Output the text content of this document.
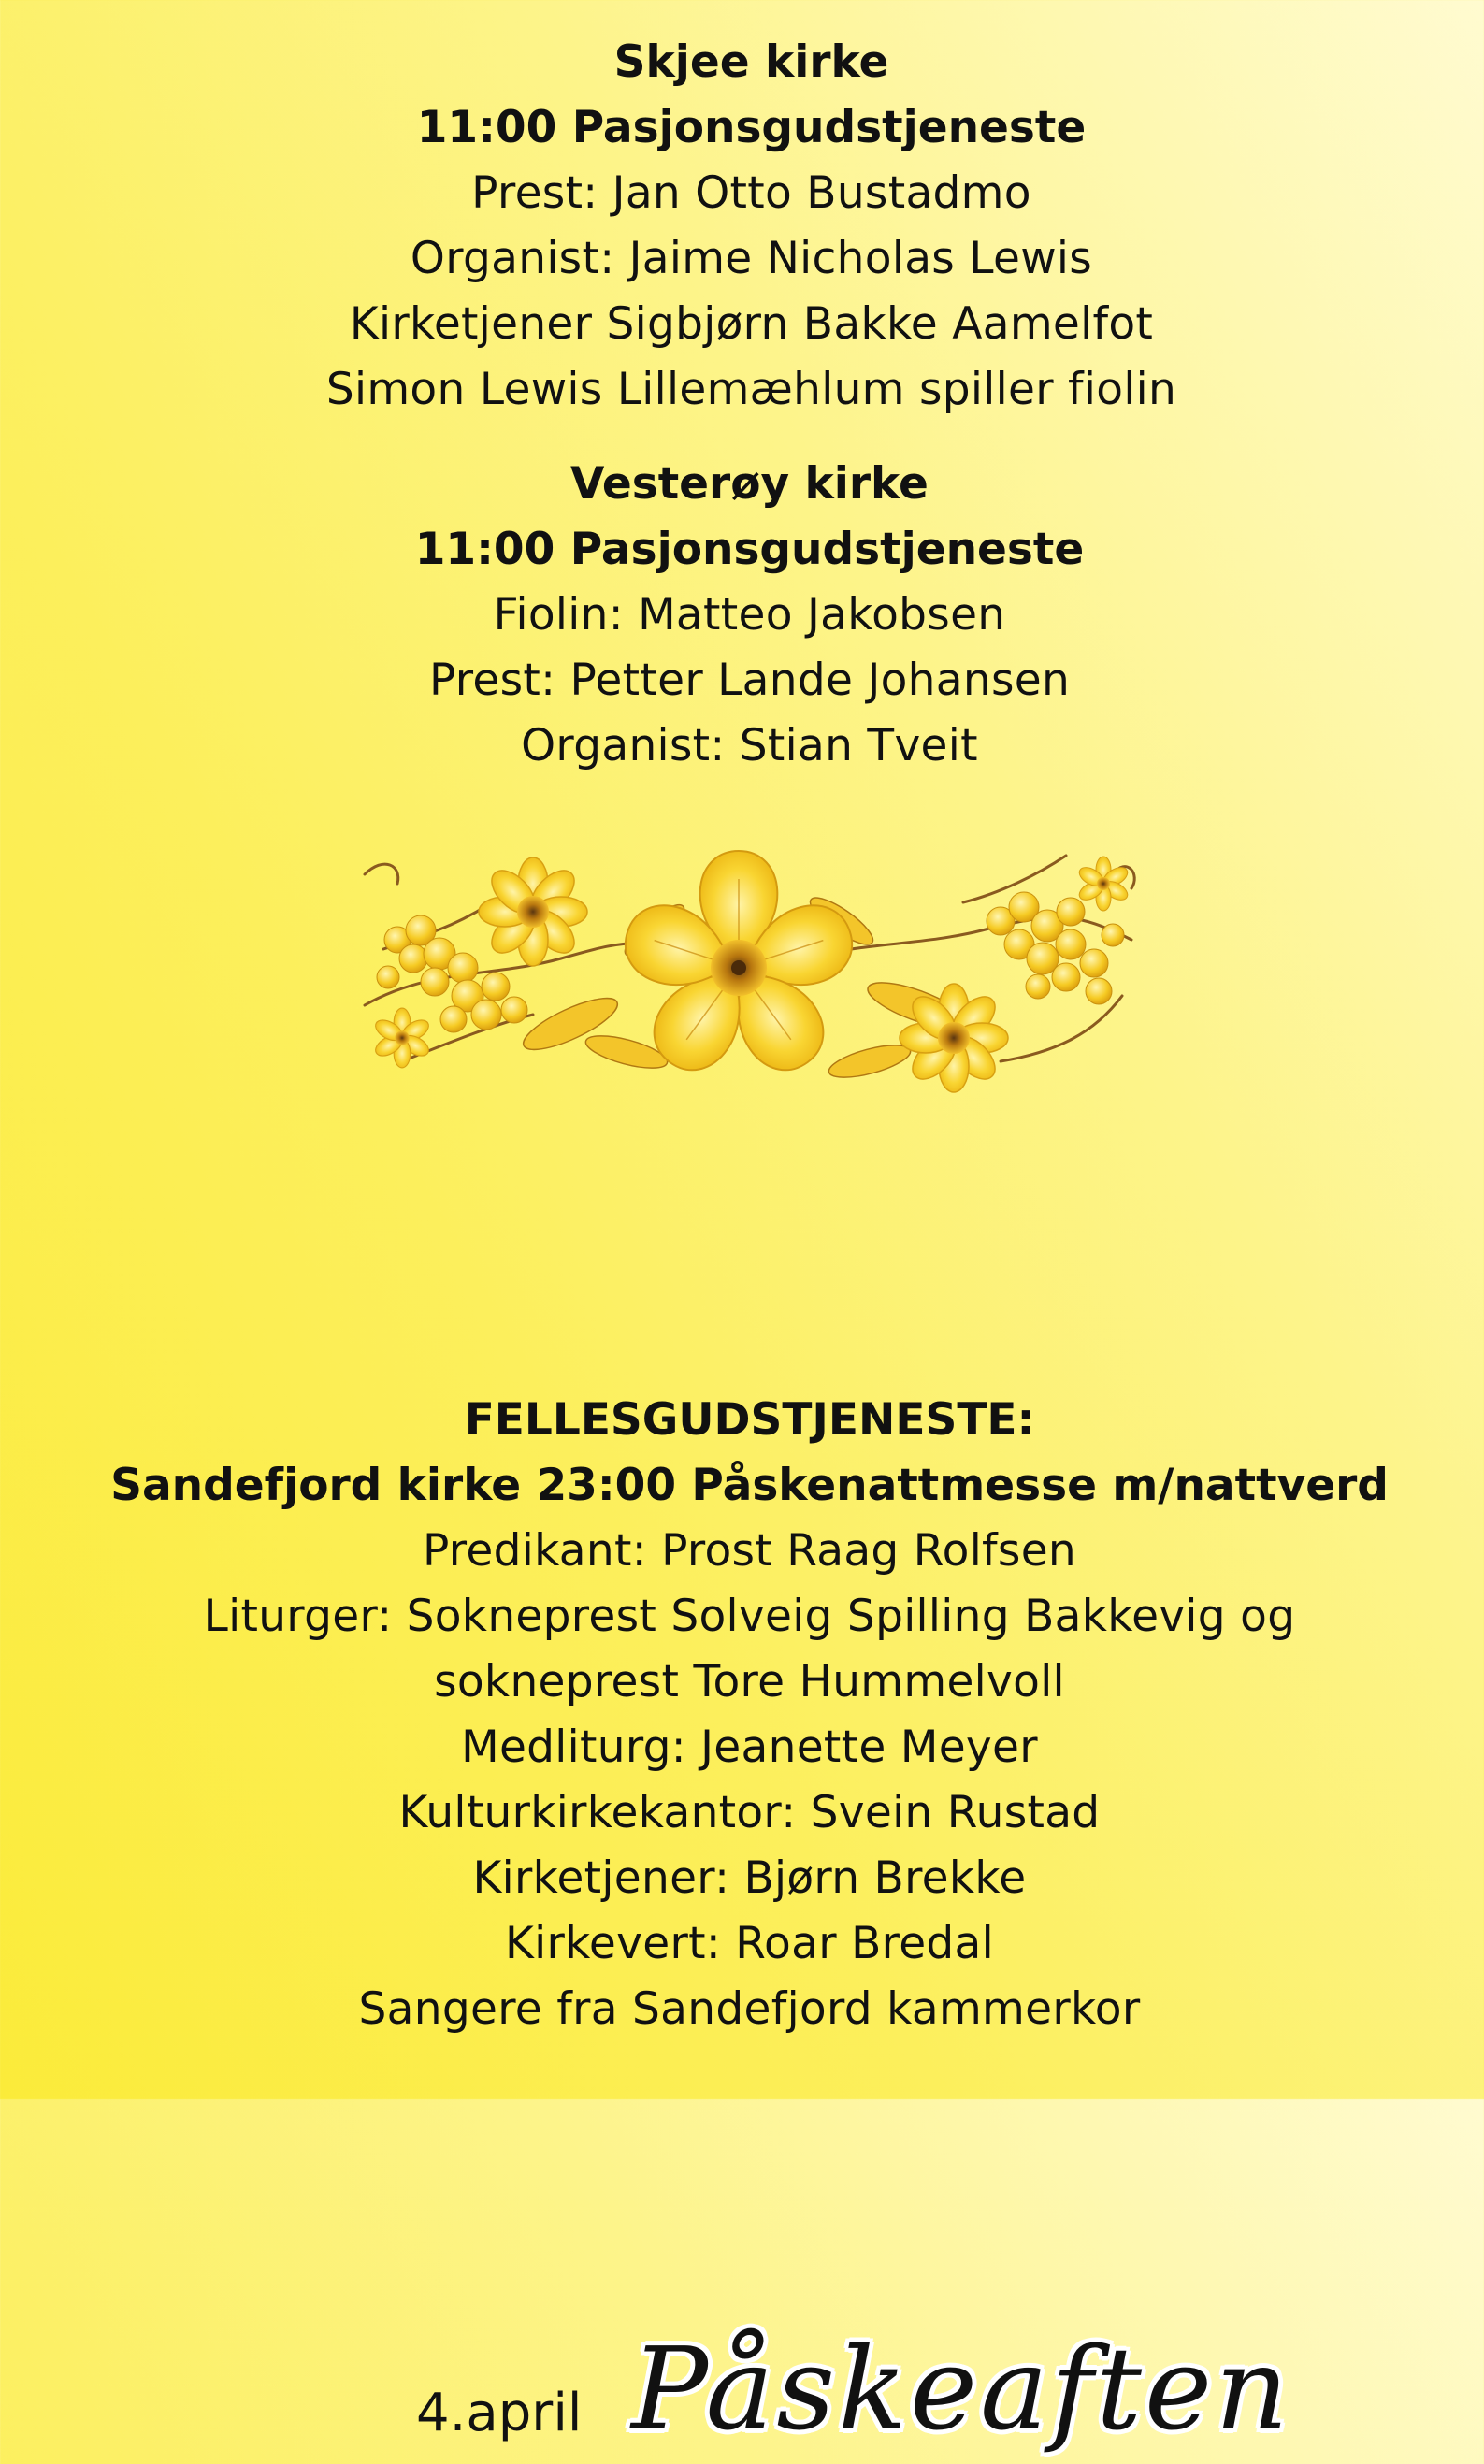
Skjee kirke
11:00 Pasjonsgudstjeneste
Prest: Jan Otto Bustadmo
Organist: Jaime Nicholas Lewis
Kirketjener Sigbjørn Bakke Aamelfot
Simon Lewis Lillemæhlum spiller fiolin
Vesterøy kirke
11:00 Pasjonsgudstjeneste
Fiolin: Matteo Jakobsen
Prest: Petter Lande Johansen
Organist: Stian Tveit
4.april Påskeaften
FELLESGUDSTJENESTE:
Sandefjord kirke 23:00 Påskenattmesse m/nattverd
Predikant: Prost Raag Rolfsen
Liturger: Sokneprest Solveig Spilling Bakkevig og
sokneprest Tore Hummelvoll
Medliturg: Jeanette Meyer
Kulturkirkekantor: Svein Rustad
Kirketjener: Bjørn Brekke
Kirkevert: Roar Bredal
Sangere fra Sandefjord kammerkor
